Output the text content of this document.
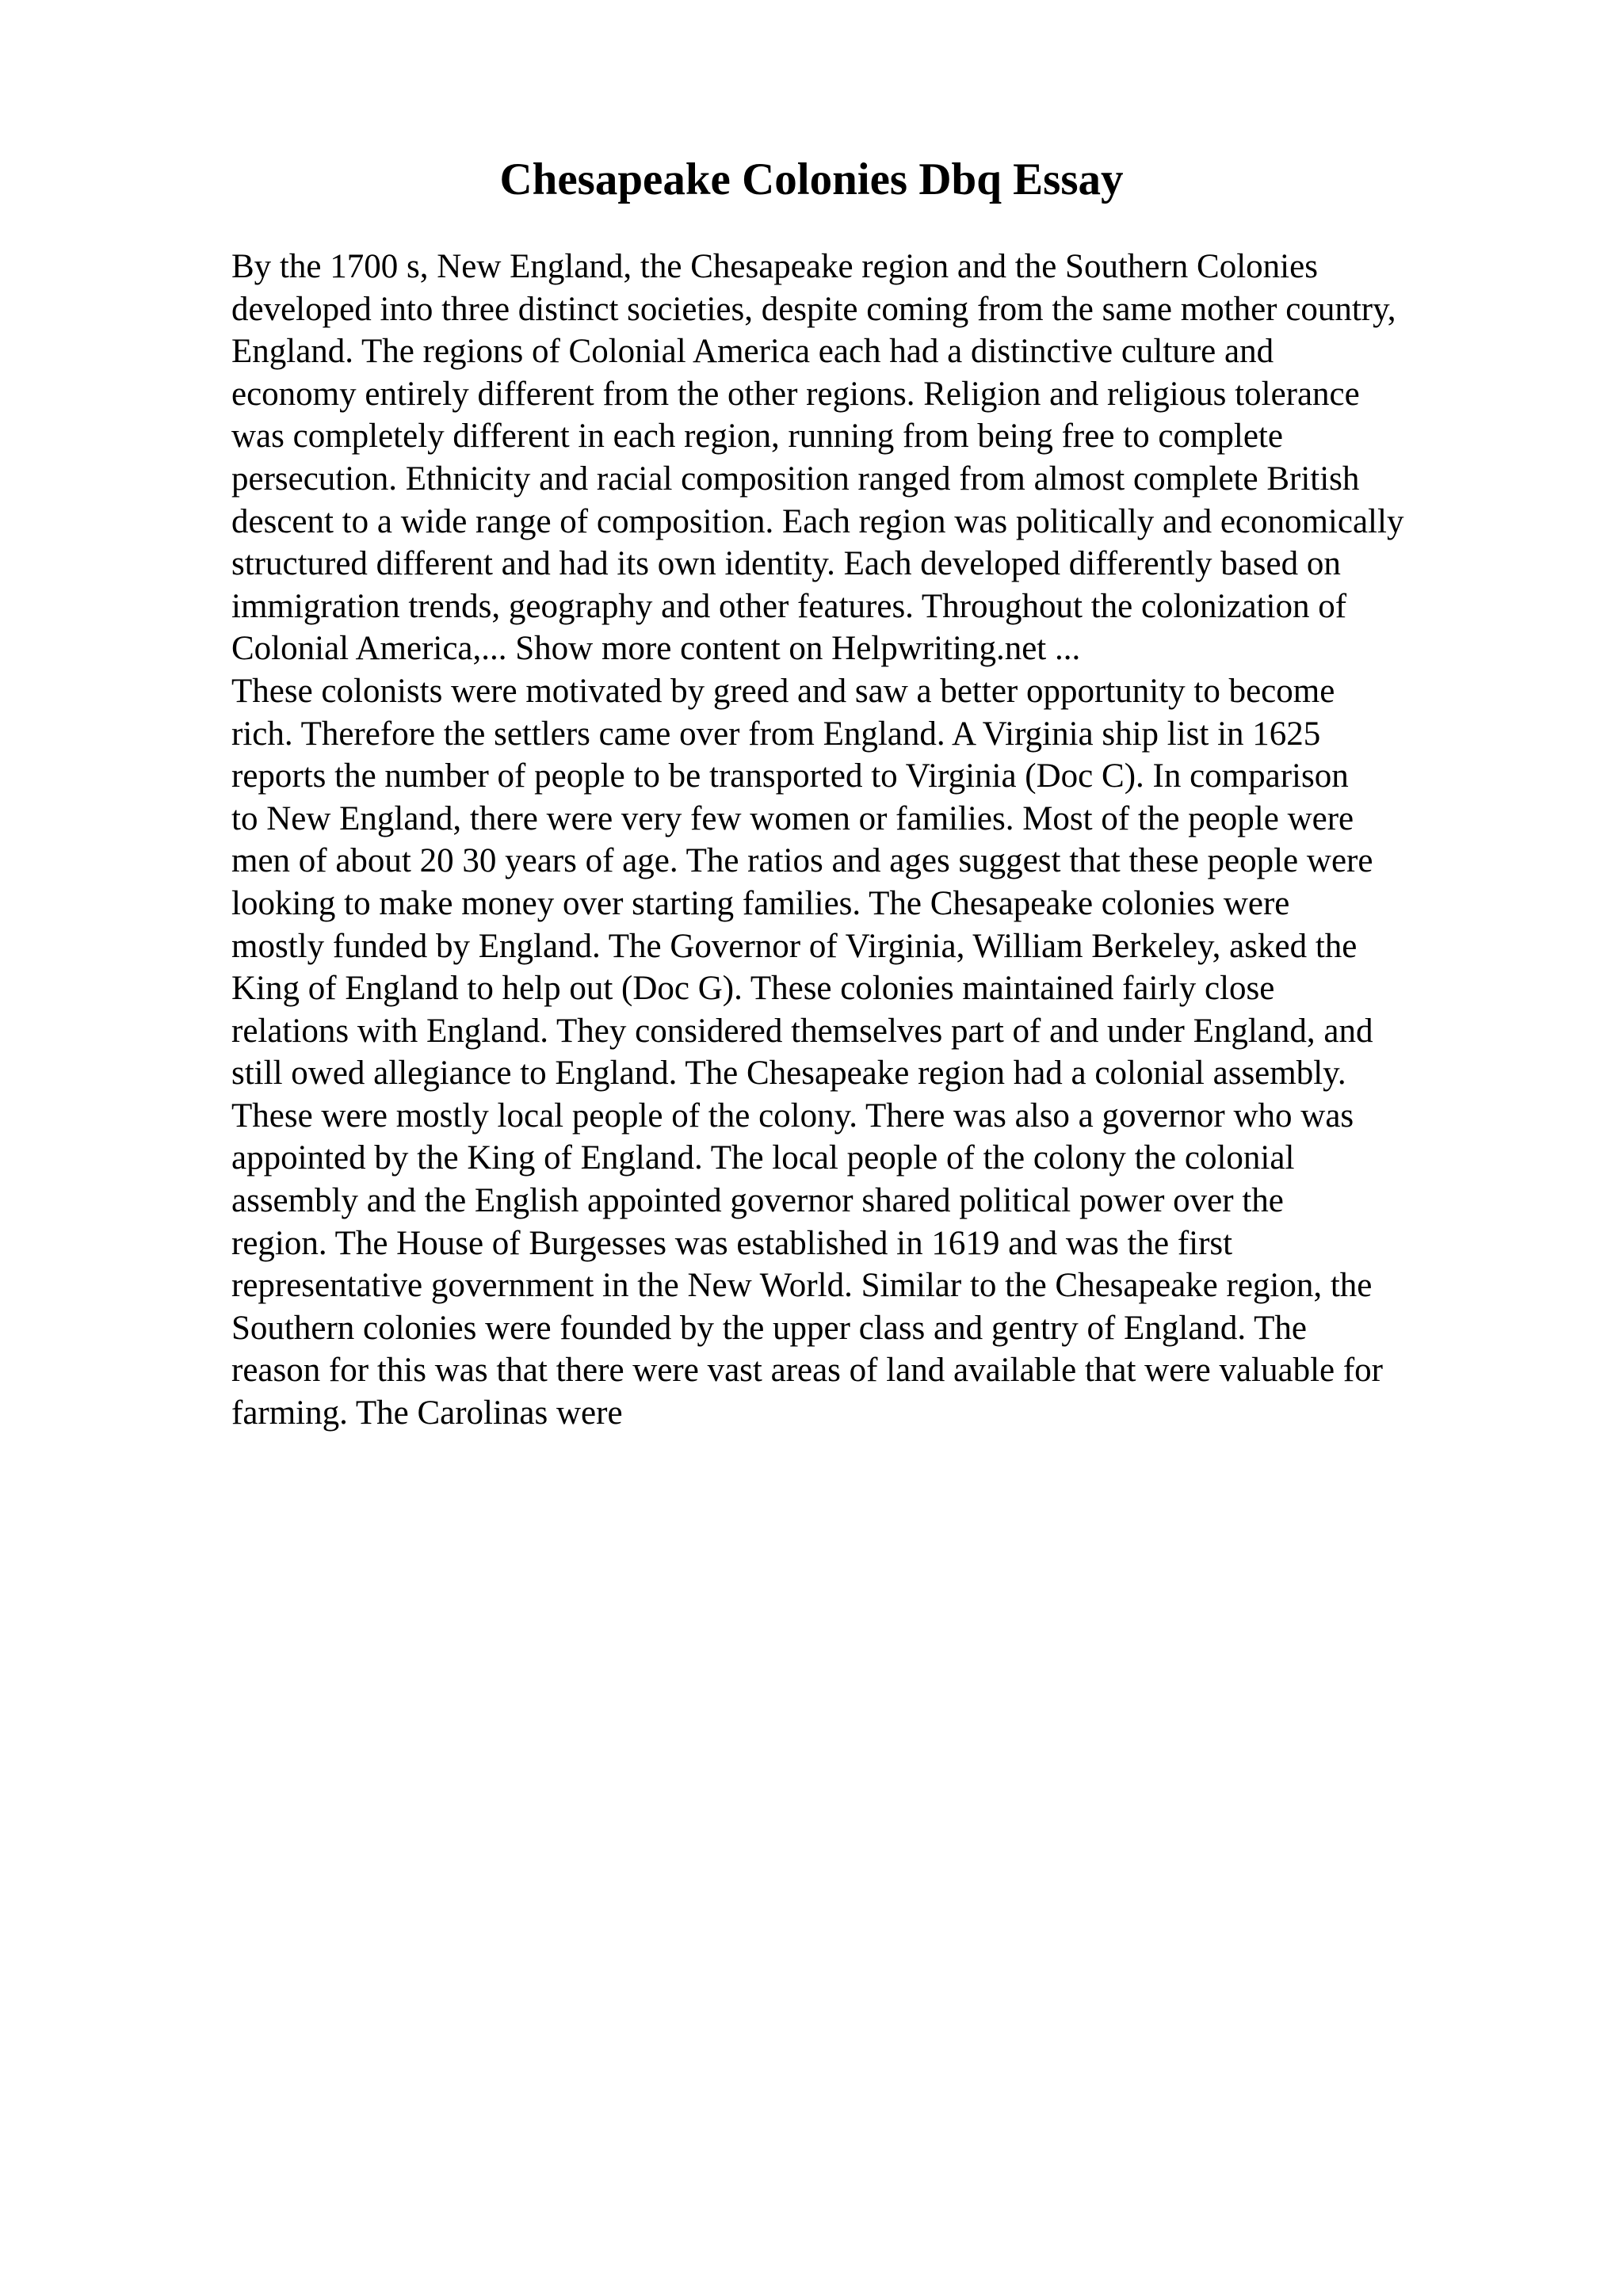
Chesapeake Colonies Dbq Essay
By the 1700 s, New England, the Chesapeake region and the Southern Colonies
developed into three distinct societies, despite coming from the same mother country,
England. The regions of Colonial America each had a distinctive culture and
economy entirely different from the other regions. Religion and religious tolerance
was completely different in each region, running from being free to complete
persecution. Ethnicity and racial composition ranged from almost complete British
descent to a wide range of composition. Each region was politically and economically
structured different and had its own identity. Each developed differently based on
immigration trends, geography and other features. Throughout the colonization of
Colonial America,... Show more content on Helpwriting.net ...
These colonists were motivated by greed and saw a better opportunity to become
rich. Therefore the settlers came over from England. A Virginia ship list in 1625
reports the number of people to be transported to Virginia (Doc C). In comparison
to New England, there were very few women or families. Most of the people were
men of about 20 30 years of age. The ratios and ages suggest that these people were
looking to make money over starting families. The Chesapeake colonies were
mostly funded by England. The Governor of Virginia, William Berkeley, asked the
King of England to help out (Doc G). These colonies maintained fairly close
relations with England. They considered themselves part of and under England, and
still owed allegiance to England. The Chesapeake region had a colonial assembly.
These were mostly local people of the colony. There was also a governor who was
appointed by the King of England. The local people of the colony the colonial
assembly and the English appointed governor shared political power over the
region. The House of Burgesses was established in 1619 and was the first
representative government in the New World. Similar to the Chesapeake region, the
Southern colonies were founded by the upper class and gentry of England. The
reason for this was that there were vast areas of land available that were valuable for
farming. The Carolinas were
